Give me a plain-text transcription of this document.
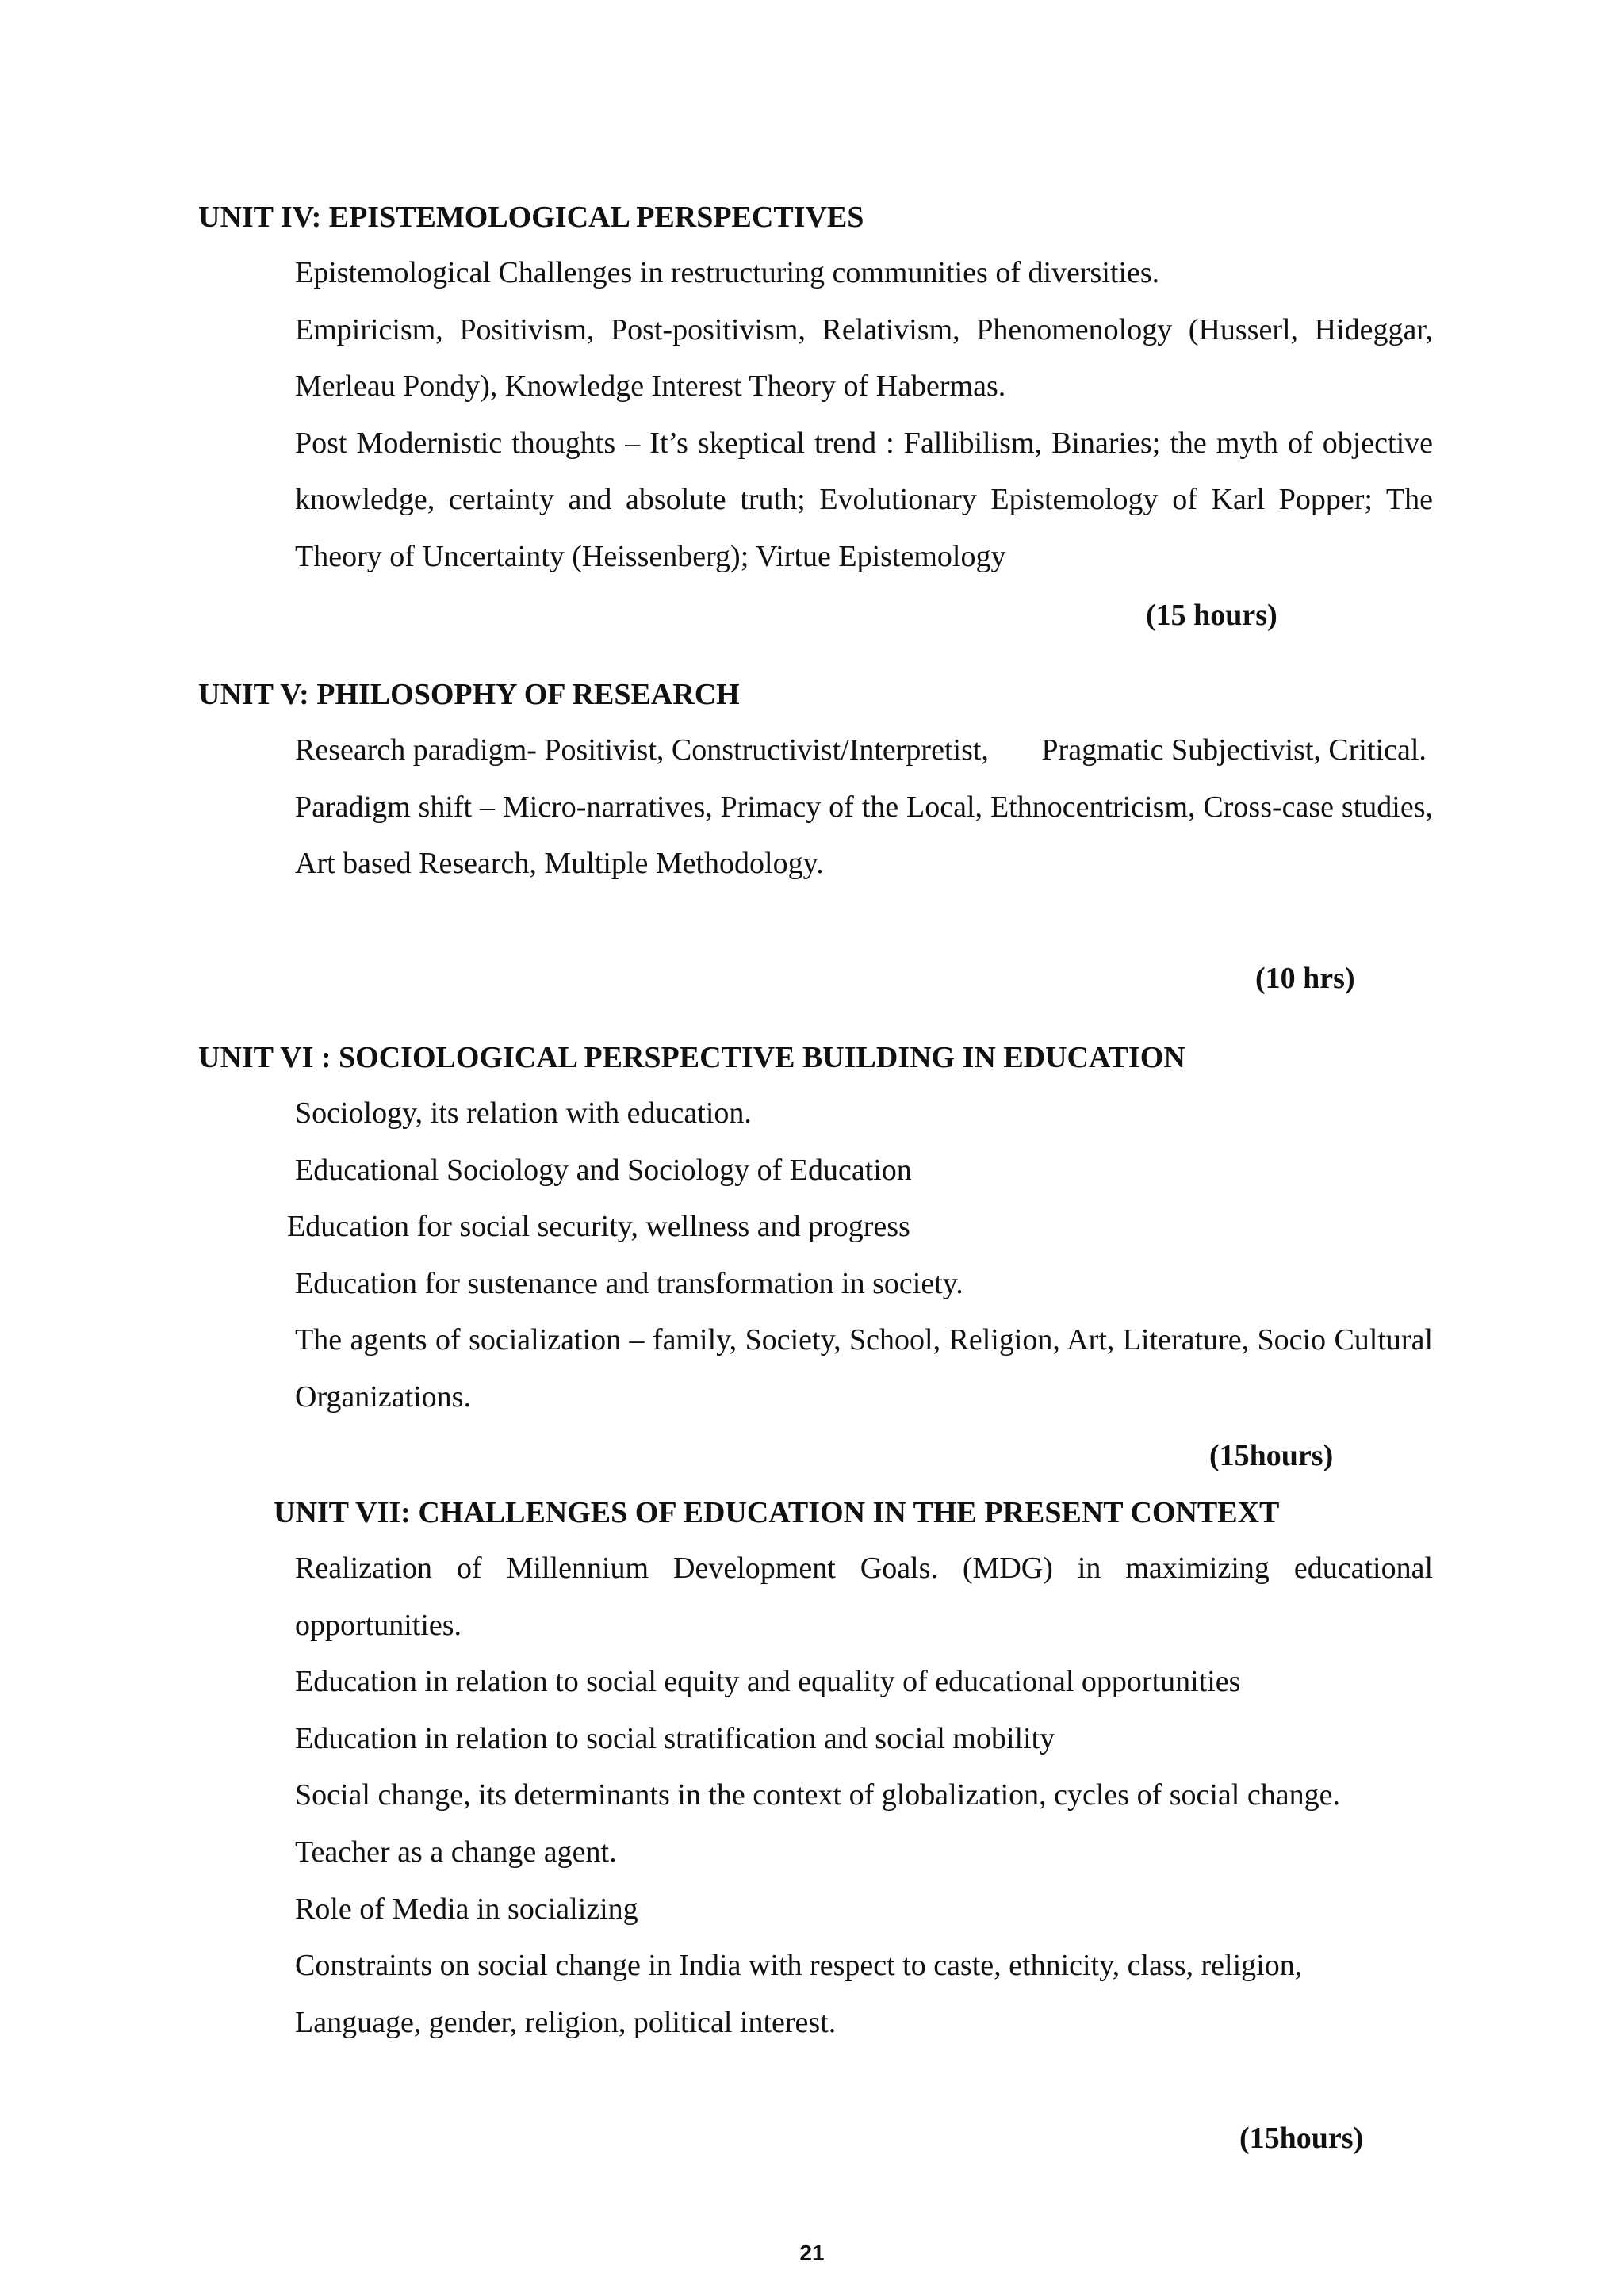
UNIT IV: EPISTEMOLOGICAL PERSPECTIVES

Epistemological Challenges in restructuring communities of diversities.

Empiricism, Positivism, Post-positivism, Relativism, Phenomenology (Husserl, Hideggar, Merleau Pondy), Knowledge Interest Theory of Habermas.

Post Modernistic thoughts – It’s skeptical trend : Fallibilism, Binaries; the myth of objective knowledge, certainty and absolute truth; Evolutionary Epistemology of Karl Popper; The Theory of Uncertainty (Heissenberg); Virtue Epistemology

(15 hours)

UNIT V: PHILOSOPHY OF RESEARCH

Research paradigm- Positivist, Constructivist/Interpretist,       Pragmatic Subjectivist, Critical.

Paradigm shift – Micro-narratives, Primacy of the Local, Ethnocentricism, Cross-case studies, Art based Research, Multiple Methodology.

(10 hrs)

UNIT VI : SOCIOLOGICAL PERSPECTIVE BUILDING IN EDUCATION

Sociology, its relation with education.

Educational Sociology and Sociology of Education

Education for social security, wellness and progress

Education for sustenance and transformation in society.

The agents of socialization – family, Society, School, Religion, Art, Literature, Socio Cultural Organizations.

(15hours)

UNIT VII: CHALLENGES OF EDUCATION IN THE PRESENT CONTEXT

Realization of Millennium Development Goals. (MDG) in maximizing educational opportunities.

Education in relation to social equity and equality of educational opportunities

Education in relation to social stratification and social mobility

Social change, its determinants in the context of globalization, cycles of social change.

Teacher as a change agent.

Role of Media in socializing

Constraints on social change in India with respect to caste, ethnicity, class, religion, Language, gender, religion, political interest.

(15hours)

21
